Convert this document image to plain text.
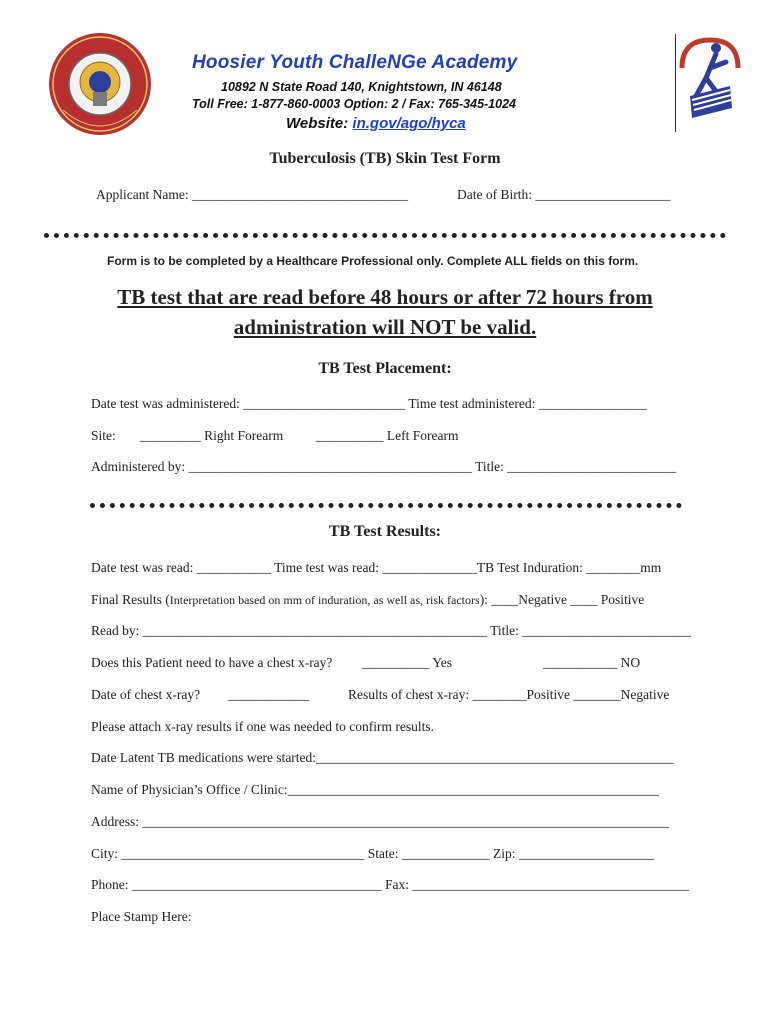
Hoosier Youth ChalleNGe Academy
10892 N State Road 140, Knightstown, IN 46148
Toll Free: 1-877-860-0003 Option: 2 / Fax: 765-345-1024
Website: in.gov/ago/hyca
Tuberculosis (TB) Skin Test Form
Applicant Name: ________________________________	Date of Birth: ____________________
Form is to be completed by a Healthcare Professional only. Complete ALL fields on this form.
TB test that are read before 48 hours or after 72 hours from
administration will NOT be valid.
TB Test Placement:
Date test was administered: ________________________ Time test administered: ________________
Site: _________ Right Forearm __________ Left Forearm
Administered by: __________________________________________ Title: _________________________
TB Test Results:
Date test was read: ___________ Time test was read: ______________TB Test Induration: ________mm
Final Results (Interpretation based on mm of induration, as well as, risk factors): ____Negative ____ Positive
Read by: ___________________________________________________ Title: _________________________
Does this Patient need to have a chest x-ray? __________ Yes	___________ NO
Date of chest x-ray? ____________	Results of chest x-ray: ________Positive _______Negative
Please attach x-ray results if one was needed to confirm results.
Date Latent TB medications were started:_____________________________________________________
Name of Physician’s Office / Clinic:_______________________________________________________
Address: ______________________________________________________________________________
City: ____________________________________ State: _____________ Zip: ____________________
Phone: _____________________________________ Fax: _________________________________________
Place Stamp Here:
